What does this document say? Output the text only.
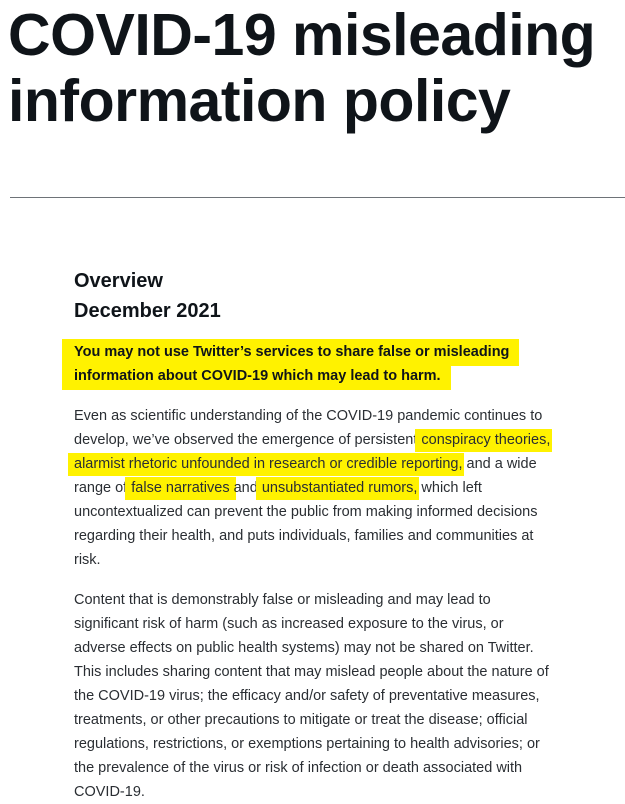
COVID-19 misleading information policy
Overview
December 2021

You may not use Twitter’s services to share false or misleading information about COVID-19 which may lead to harm.

Even as scientific understanding of the COVID-19 pandemic continues to develop, we’ve observed the emergence of persistent conspiracy theories, alarmist rhetoric unfounded in research or credible reporting, and a wide range of false narratives and unsubstantiated rumors, which left uncontextualized can prevent the public from making informed decisions regarding their health, and puts individuals, families and communities at risk.

Content that is demonstrably false or misleading and may lead to significant risk of harm (such as increased exposure to the virus, or adverse effects on public health systems) may not be shared on Twitter. This includes sharing content that may mislead people about the nature of the COVID-19 virus; the efficacy and/or safety of preventative measures, treatments, or other precautions to mitigate or treat the disease; official regulations, restrictions, or exemptions pertaining to health advisories; or the prevalence of the virus or risk of infection or death associated with COVID-19.
